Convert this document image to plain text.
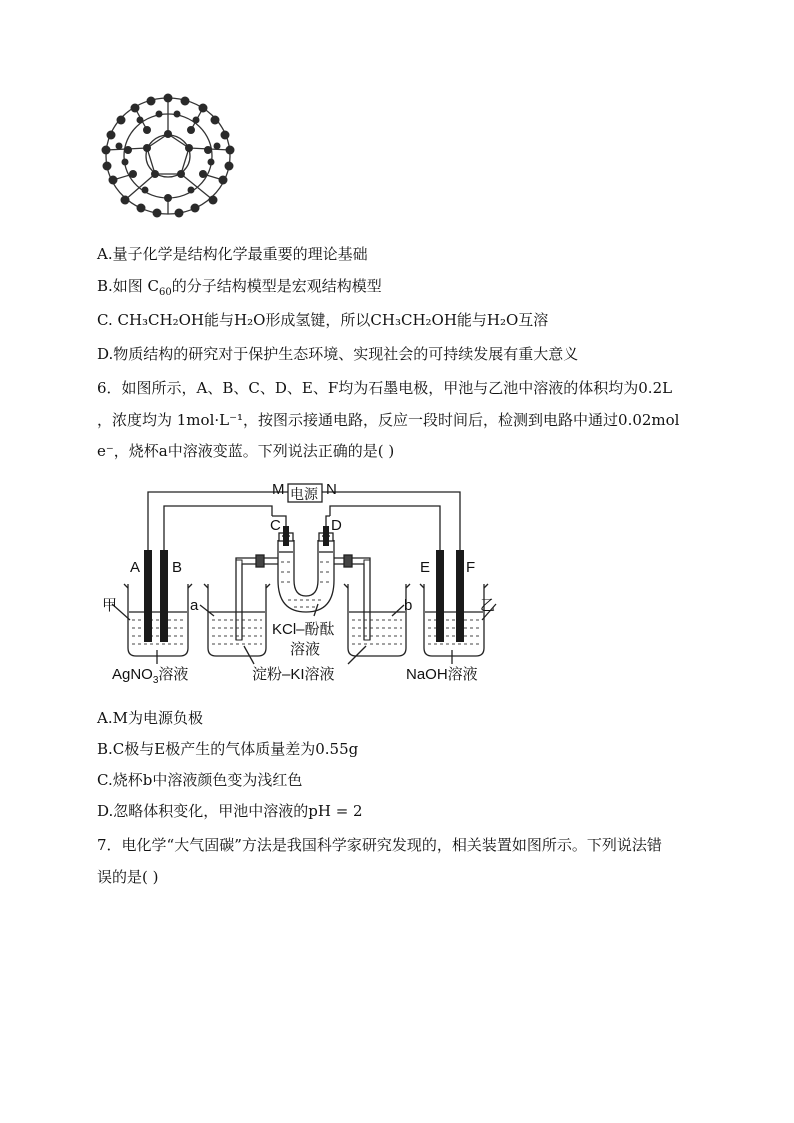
A.量子化学是结构化学最重要的理论基础
B.如图 $C_{60}$的分子结构模型是宏观结构模型
C. CH₃CH₂OH能与H₂O形成氢键，所以CH₃CH₂OH能与H₂O互溶
D.物质结构的研究对于保护生态环境、实现社会的可持续发展有重大意义
6．如图所示，A、B、C、D、E、F均为石墨电极，甲池与乙池中溶液的体积均为0.2L
，浓度均为 1mol·L⁻¹，按图示接通电路，反应一段时间后，检测到电路中通过0.02mol
e⁻，烧杯a中溶液变蓝。下列说法正确的是( )
M	N
电源
C	D
A B	E F
甲	乙
a	b
KCl–酚酞
溶液
AgNO$_3$溶液	淀粉–KI溶液	NaOH溶液
A.M为电源负极
B.C极与E极产生的气体质量差为0.55g
C.烧杯b中溶液颜色变为浅红色
D.忽略体积变化，甲池中溶液的pH = 2
7．电化学“大气固碳”方法是我国科学家研究发现的，相关装置如图所示。下列说法错
误的是( )
